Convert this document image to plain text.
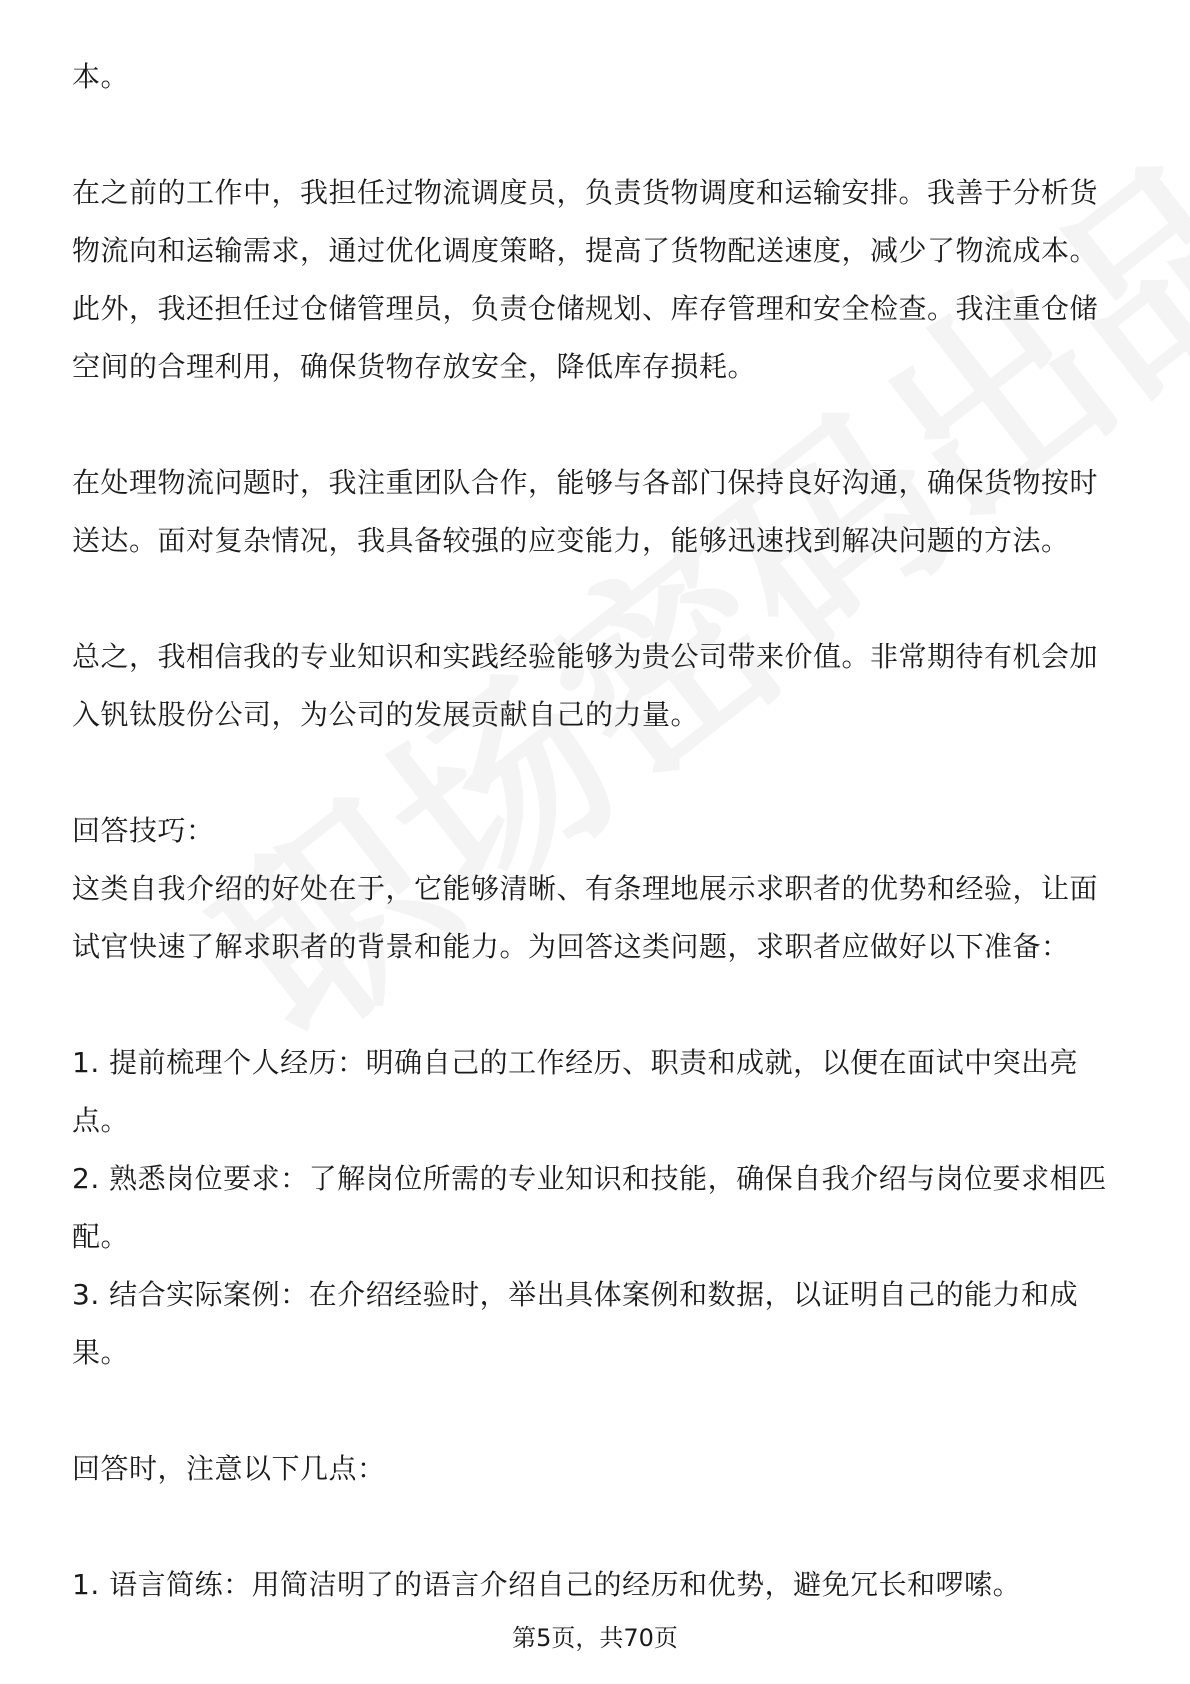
本。

在之前的工作中，我担任过物流调度员，负责货物调度和运输安排。我善于分析货物流向和运输需求，通过优化调度策略，提高了货物配送速度，减少了物流成本。此外，我还担任过仓储管理员，负责仓储规划、库存管理和安全检查。我注重仓储空间的合理利用，确保货物存放安全，降低库存损耗。

在处理物流问题时，我注重团队合作，能够与各部门保持良好沟通，确保货物按时送达。面对复杂情况，我具备较强的应变能力，能够迅速找到解决问题的方法。

总之，我相信我的专业知识和实践经验能够为贵公司带来价值。非常期待有机会加入钒钛股份公司，为公司的发展贡献自己的力量。

回答技巧：

这类自我介绍的好处在于，它能够清晰、有条理地展示求职者的优势和经验，让面试官快速了解求职者的背景和能力。为回答这类问题，求职者应做好以下准备：

1. 提前梳理个人经历：明确自己的工作经历、职责和成就，以便在面试中突出亮点。

2. 熟悉岗位要求：了解岗位所需的专业知识和技能，确保自我介绍与岗位要求相匹配。

3. 结合实际案例：在介绍经验时，举出具体案例和数据，以证明自己的能力和成果。

回答时，注意以下几点：

1. 语言简练：用简洁明了的语言介绍自己的经历和优势，避免冗长和啰嗦。

第5页，共70页
